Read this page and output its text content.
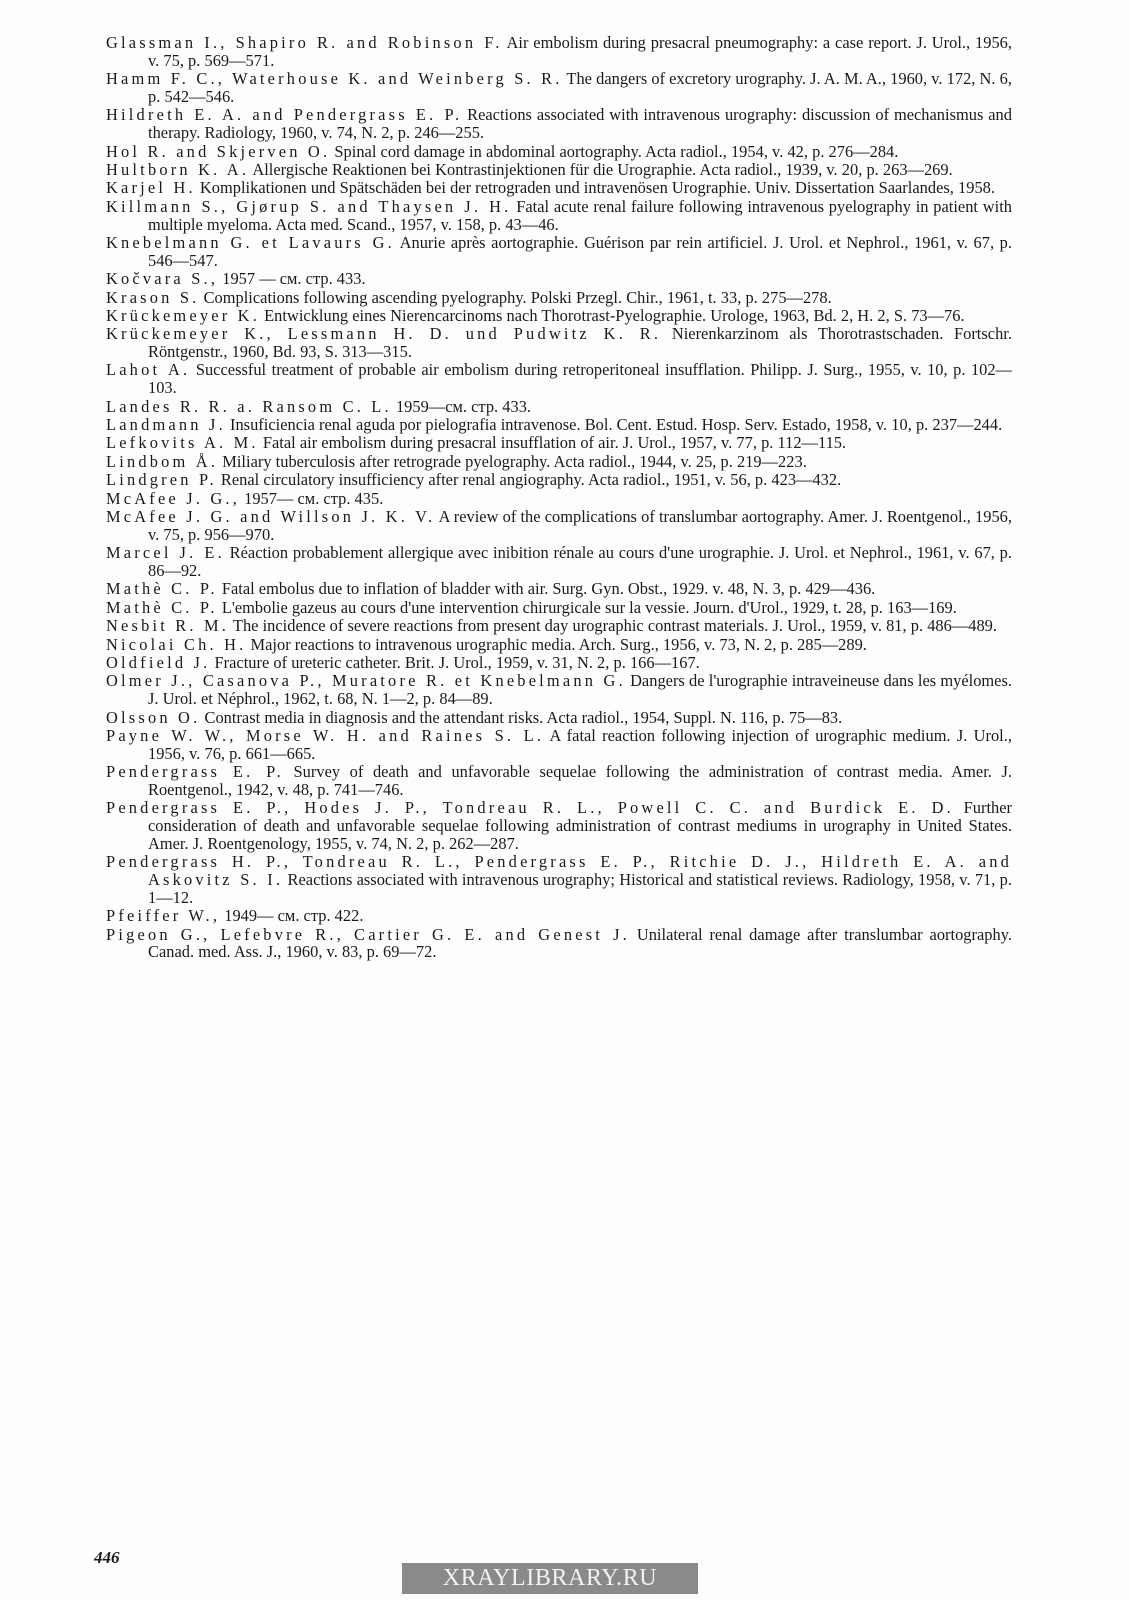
Glassman I., Shapiro R. and Robinson F. Air embolism during presacral pneumography: a case report. J. Urol., 1956, v. 75, p. 569—571.

Hamm F. C., Waterhouse K. and Weinberg S. R. The dangers of excretory urography. J. A. M. A., 1960, v. 172, N. 6, p. 542—546.

Hildreth E. A. and Pendergrass E. P. Reactions associated with intravenous urography: discussion of mechanismus and therapy. Radiology, 1960, v. 74, N. 2, p. 246—255.

Hol R. and Skjerven O. Spinal cord damage in abdominal aortography. Acta radiol., 1954, v. 42, p. 276—284.

Hultborn K. A. Allergische Reaktionen bei Kontrastinjektionen für die Urographie. Acta radiol., 1939, v. 20, p. 263—269.

Karjel H. Komplikationen und Spätschäden bei der retrograden und intravenösen Urographie. Univ. Dissertation Saarlandes, 1958.

Killmann S., Gjørup S. and Thaysen J. H. Fatal acute renal failure following intravenous pyelography in patient with multiple myeloma. Acta med. Scand., 1957, v. 158, p. 43—46.

Knebelmann G. et Lavaurs G. Anurie après aortographie. Guérison par rein artificiel. J. Urol. et Nephrol., 1961, v. 67, p. 546—547.

Kočvara S., 1957 — см. стр. 433.

Krason S. Complications following ascending pyelography. Polski Przegl. Chir., 1961, t. 33, p. 275—278.

Krückemeyer K. Entwicklung eines Nierencarcinoms nach Thorotrast-Pyelographie. Urologe, 1963, Bd. 2, H. 2, S. 73—76.

Krückemeyer K., Lessmann H. D. und Pudwitz K. R. Nierenkarzinom als Thorotrastschaden. Fortschr. Röntgenstr., 1960, Bd. 93, S. 313—315.

Lahot A. Successful treatment of probable air embolism during retroperitoneal insufflation. Philipp. J. Surg., 1955, v. 10, p. 102—103.

Landes R. R. a. Ransom C. L. 1959—см. стр. 433.

Landmann J. Insuficiencia renal aguda por pielografia intravenose. Bol. Cent. Estud. Hosp. Serv. Estado, 1958, v. 10, p. 237—244.

Lefkovits A. M. Fatal air embolism during presacral insufflation of air. J. Urol., 1957, v. 77, p. 112—115.

Lindbom Å. Miliary tuberculosis after retrograde pyelography. Acta radiol., 1944, v. 25, p. 219—223.

Lindgren P. Renal circulatory insufficiency after renal angiography. Acta radiol., 1951, v. 56, p. 423—432.

McAfee J. G., 1957— см. стр. 435.

McAfee J. G. and Willson J. K. V. A review of the complications of translumbar aortography. Amer. J. Roentgenol., 1956, v. 75, p. 956—970.

Marcel J. E. Réaction probablement allergique avec inibition rénale au cours d'une urographie. J. Urol. et Nephrol., 1961, v. 67, p. 86—92.

Mathè C. P. Fatal embolus due to inflation of bladder with air. Surg. Gyn. Obst., 1929. v. 48, N. 3, p. 429—436.

Mathè C. P. L'embolie gazeus au cours d'une intervention chirurgicale sur la vessie. Journ. d'Urol., 1929, t. 28, p. 163—169.

Nesbit R. M. The incidence of severe reactions from present day urographic contrast materials. J. Urol., 1959, v. 81, p. 486—489.

Nicolai Ch. H. Major reactions to intravenous urographic media. Arch. Surg., 1956, v. 73, N. 2, p. 285—289.

Oldfield J. Fracture of ureteric catheter. Brit. J. Urol., 1959, v. 31, N. 2, p. 166—167.

Olmer J., Casanova P., Muratore R. et Knebelmann G. Dangers de l'urographie intraveineuse dans les myélomes. J. Urol. et Néphrol., 1962, t. 68, N. 1—2, p. 84—89.

Olsson O. Contrast media in diagnosis and the attendant risks. Acta radiol., 1954, Suppl. N. 116, p. 75—83.

Payne W. W., Morse W. H. and Raines S. L. A fatal reaction following injection of urographic medium. J. Urol., 1956, v. 76, p. 661—665.

Pendergrass E. P. Survey of death and unfavorable sequelae following the administration of contrast media. Amer. J. Roentgenol., 1942, v. 48, p. 741—746.

Pendergrass E. P., Hodes J. P., Tondreau R. L., Powell C. C. and Burdick E. D. Further consideration of death and unfavorable sequelae following administration of contrast mediums in urography in United States. Amer. J. Roentgenology, 1955, v. 74, N. 2, p. 262—287.

Pendergrass H. P., Tondreau R. L., Pendergrass E. P., Ritchie D. J., Hildreth E. A. and Askovitz S. I. Reactions associated with intravenous urography; Historical and statistical reviews. Radiology, 1958, v. 71, p. 1—12.

Pfeiffer W., 1949— см. стр. 422.

Pigeon G., Lefebvre R., Cartier G. E. and Genest J. Unilateral renal damage after translumbar aortography. Canad. med. Ass. J., 1960, v. 83, p. 69—72.

446
XRAYLIBRARY.RU
